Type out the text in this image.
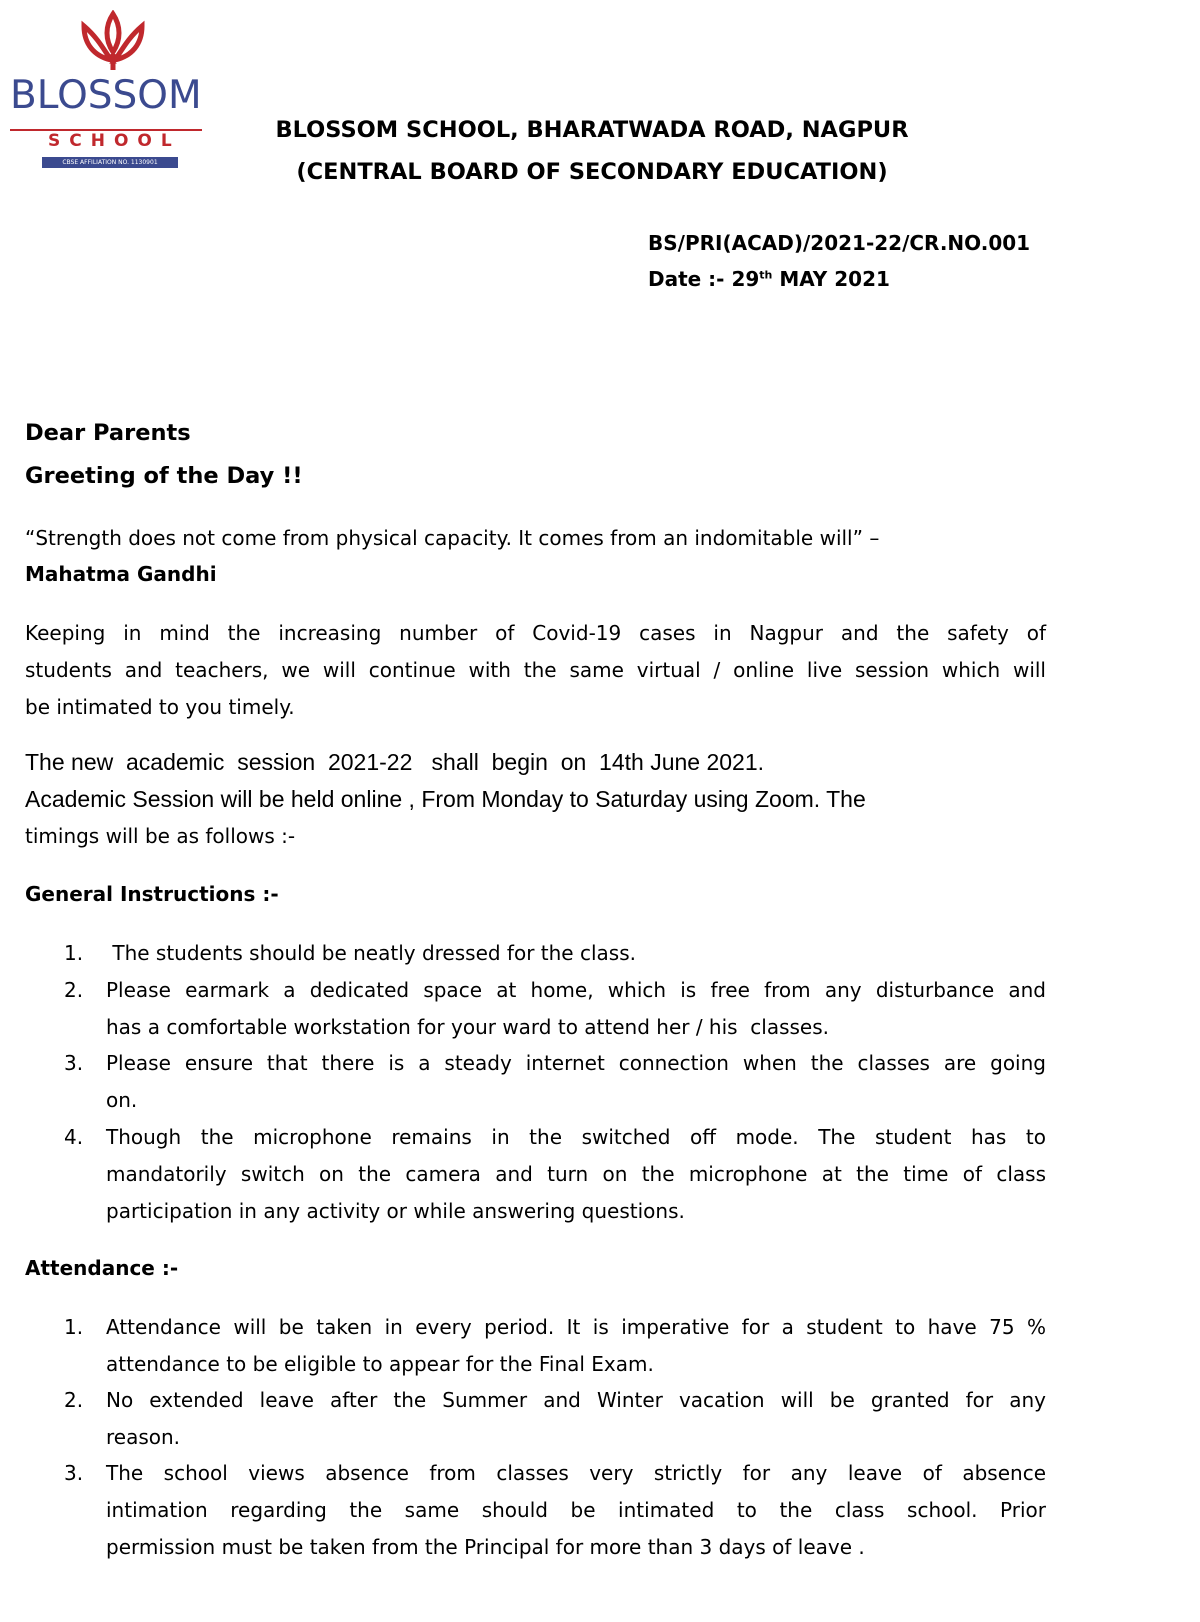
BLOSSOM
SCHOOL
CBSE AFFILIATION NO. 1130901
BLOSSOM SCHOOL, BHARATWADA ROAD, NAGPUR
(CENTRAL BOARD OF SECONDARY EDUCATION)
BS/PRI(ACAD)/2021-22/CR.NO.001
Date :- 29th MAY 2021
Dear Parents
Greeting of the Day !!
“Strength does not come from physical capacity. It comes from an indomitable will” –
Mahatma Gandhi
Keeping in mind the increasing number of Covid-19 cases in Nagpur and the safety of
students and teachers, we will continue with the same virtual / online live session which will
be intimated to you timely.
The new  academic  session  2021-22   shall  begin  on  14th June 2021.
Academic Session will be held online , From Monday to Saturday using Zoom. The
timings will be as follows :-
General Instructions :-
1.	The students should be neatly dressed for the class.
2.	Please earmark a dedicated space at home, which is free from any disturbance and
has a comfortable workstation for your ward to attend her / his  classes.
3.	Please ensure that there is a steady internet connection when the classes are going
on.
4.	Though the microphone remains in the switched off mode. The student has to
mandatorily switch on the camera and turn on the microphone at the time of class
participation in any activity or while answering questions.
Attendance :-
1.	Attendance will be taken in every period. It is imperative for a student to have 75 %
attendance to be eligible to appear for the Final Exam.
2.	No extended leave after the Summer and Winter vacation will be granted for any
reason.
3.	The school views absence from classes very strictly for any leave of absence
intimation regarding the same should be intimated to the class school. Prior
permission must be taken from the Principal for more than 3 days of leave .
